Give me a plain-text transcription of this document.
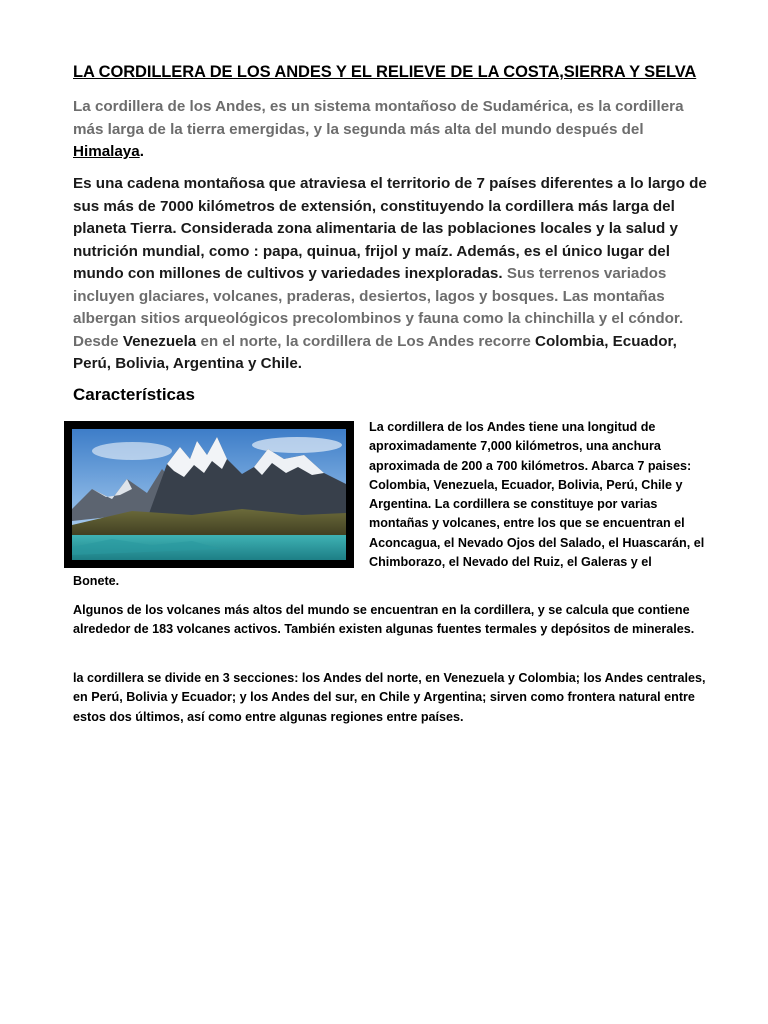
LA CORDILLERA DE LOS ANDES Y EL RELIEVE DE LA COSTA,SIERRA Y SELVA

La cordillera de los Andes, es un sistema montañoso de Sudamérica, es la cordillera más larga de la tierra emergidas, y la segunda más alta del mundo después del Himalaya.

Es una cadena montañosa que atraviesa el territorio de 7 países diferentes a lo largo de sus más de 7000 kilómetros de extensión, constituyendo la cordillera más larga del planeta Tierra. Considerada zona alimentaria de las poblaciones locales y la salud y nutrición mundial, como : papa, quinua, frijol y maíz. Además, es el único lugar del mundo con millones de cultivos y variedades inexploradas. Sus terrenos variados incluyen glaciares, volcanes, praderas, desiertos, lagos y bosques. Las montañas albergan sitios arqueológicos precolombinos y fauna como la chinchilla y el cóndor. Desde Venezuela en el norte, la cordillera de Los Andes recorre Colombia, Ecuador, Perú, Bolivia, Argentina y Chile.

Características

La cordillera de los Andes tiene una longitud de aproximadamente 7,000 kilómetros, una anchura aproximada de 200 a 700 kilómetros. Abarca 7 paises: Colombia, Venezuela, Ecuador, Bolivia, Perú, Chile y Argentina. La cordillera se constituye por varias montañas y volcanes, entre los que se encuentran el Aconcagua, el Nevado Ojos del Salado, el Huascarán, el Chimborazo, el Nevado del Ruiz, el Galeras y el

Bonete.

Algunos de los volcanes más altos del mundo se encuentran en la cordillera, y se calcula que contiene alrededor de 183 volcanes activos. También existen algunas fuentes termales y depósitos de minerales.

la cordillera se divide en 3 secciones: los Andes del norte, en Venezuela y Colombia; los Andes centrales, en Perú, Bolivia y Ecuador; y los Andes del sur, en Chile y Argentina; sirven como frontera natural entre estos dos últimos, así como entre algunas regiones entre países.
